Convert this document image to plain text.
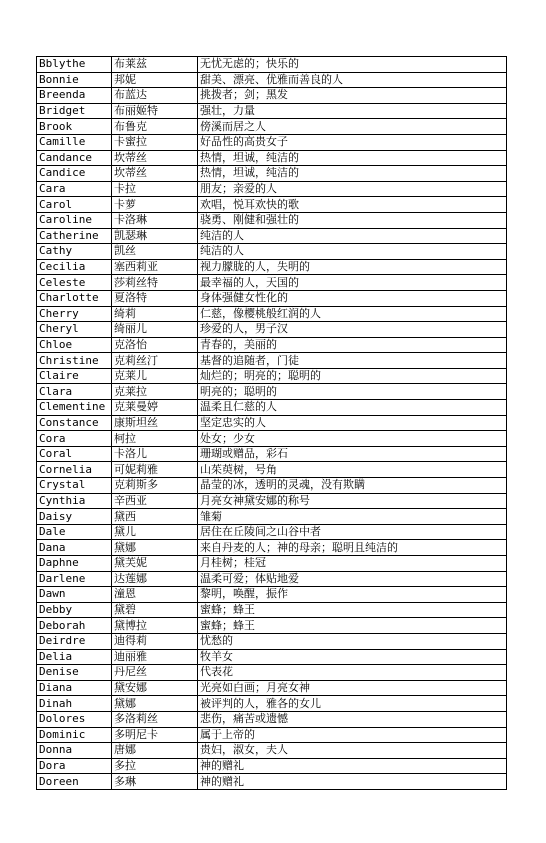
Bblythe	布莱兹	无忧无虑的；快乐的
Bonnie	邦妮	甜美、漂亮、优雅而善良的人
Breenda	布蓝达	挑拨者；剑；黑发
Bridget	布丽姬特	强壮，力量
Brook	布鲁克	傍溪而居之人
Camille	卡蜜拉	好品性的高贵女子
Candance	坎蒂丝	热情，坦诚，纯洁的
Candice	坎蒂丝	热情，坦诚，纯洁的
Cara	卡拉	朋友；亲爱的人
Carol	卡萝	欢唱，悦耳欢快的歌
Caroline	卡洛琳	骁勇、刚健和强壮的
Catherine	凯瑟琳	纯洁的人
Cathy	凯丝	纯洁的人
Cecilia	塞西莉亚	视力朦胧的人，失明的
Celeste	莎莉丝特	最幸福的人，天国的
Charlotte	夏洛特	身体强健女性化的
Cherry	绮莉	仁慈，像樱桃般红润的人
Cheryl	绮丽儿	珍爱的人，男子汉
Chloe	克洛怡	青春的，美丽的
Christine	克莉丝汀	基督的追随者，门徒
Claire	克莱儿	灿烂的；明亮的；聪明的
Clara	克莱拉	明亮的；聪明的
Clementine	克莱曼婷	温柔且仁慈的人
Constance	康斯坦丝	坚定忠实的人
Cora	柯拉	处女；少女
Coral	卡洛儿	珊瑚或赠品，彩石
Cornelia	可妮莉雅	山茱萸树，号角
Crystal	克莉斯多	晶莹的冰，透明的灵魂，没有欺瞒
Cynthia	辛西亚	月亮女神黛安娜的称号
Daisy	黛西	雏菊
Dale	黛儿	居住在丘陵间之山谷中者
Dana	黛娜	来自丹麦的人；神的母亲；聪明且纯洁的
Daphne	黛芙妮	月桂树；桂冠
Darlene	达莲娜	温柔可爱；体贴地爱
Dawn	潼恩	黎明，唤醒，振作
Debby	黛碧	蜜蜂；蜂王
Deborah	黛博拉	蜜蜂；蜂王
Deirdre	迪得莉	忧愁的
Delia	迪丽雅	牧羊女
Denise	丹尼丝	代表花
Diana	黛安娜	光亮如白画；月亮女神
Dinah	黛娜	被评判的人，雅各的女儿
Dolores	多洛莉丝	悲伤，痛苦或遗憾
Dominic	多明尼卡	属于上帝的
Donna	唐娜	贵妇，淑女，夫人
Dora	多拉	神的赠礼
Doreen	多琳	神的赠礼
